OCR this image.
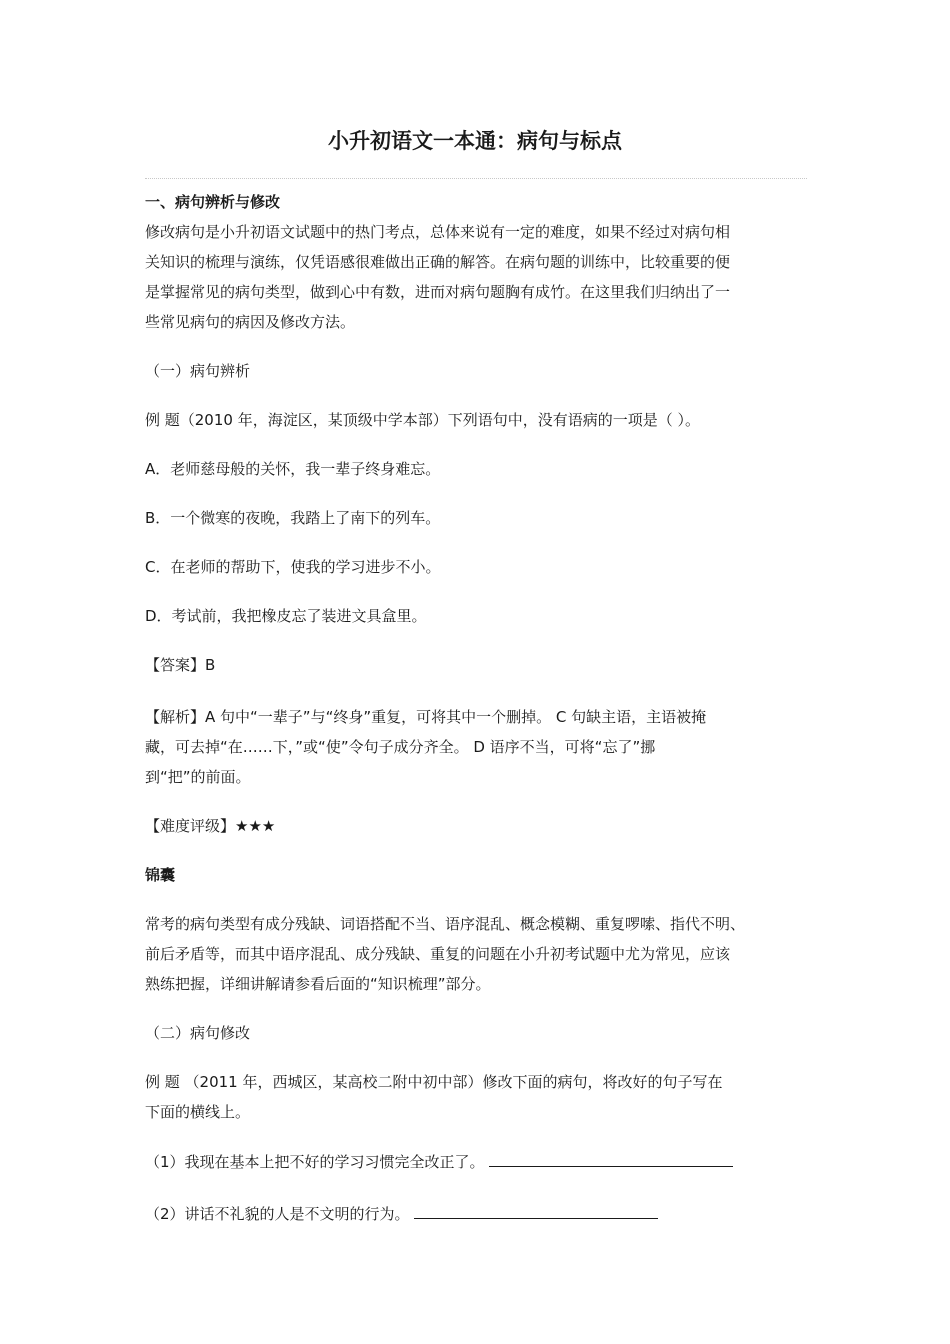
小升初语文一本通：病句与标点

一、病句辨析与修改

修改病句是小升初语文试题中的热门考点，总体来说有一定的难度，如果不经过对病句相

关知识的梳理与演练，仅凭语感很难做出正确的解答。在病句题的训练中，比较重要的便

是掌握常见的病句类型，做到心中有数，进而对病句题胸有成竹。在这里我们归纳出了一

些常见病句的病因及修改方法。

（一）病句辨析

例 题（2010 年，海淀区，某顶级中学本部）下列语句中，没有语病的一项是（ ）。

A．老师慈母般的关怀，我一辈子终身难忘。

B．一个微寒的夜晚，我踏上了南下的列车。

C．在老师的帮助下，使我的学习进步不小。

D．考试前，我把橡皮忘了装进文具盒里。

【答案】B

【解析】A 句中“一辈子”与“终身”重复，可将其中一个删掉。 C 句缺主语，主语被掩

藏，可去掉“在……下，”或“使”令句子成分齐全。 D 语序不当，可将“忘了”挪

到“把”的前面。

【难度评级】★★★

锦囊

常考的病句类型有成分残缺、词语搭配不当、语序混乱、概念模糊、重复啰嗦、指代不明、

前后矛盾等，而其中语序混乱、成分残缺、重复的问题在小升初考试题中尤为常见，应该

熟练把握，详细讲解请参看后面的“知识梳理”部分。

（二）病句修改

例 题 （2011 年，西城区，某高校二附中初中部）修改下面的病句，将改好的句子写在

下面的横线上。

（1）我现在基本上把不好的学习习惯完全改正了。

（2）讲话不礼貌的人是不文明的行为。
